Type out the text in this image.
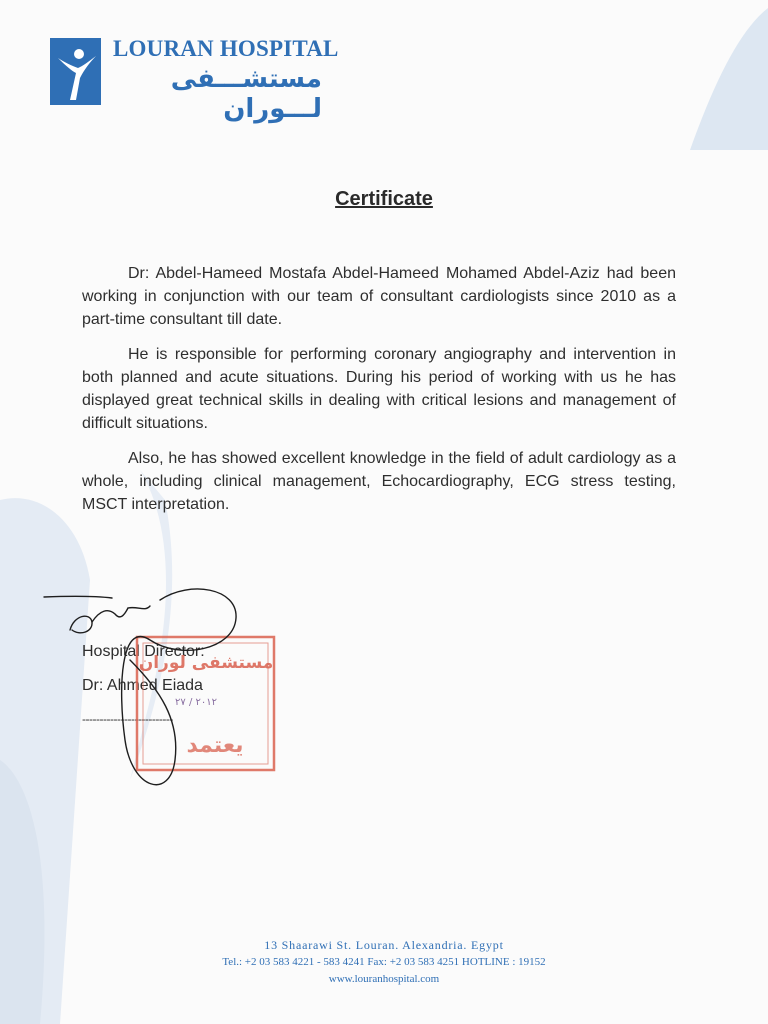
LOURAN HOSPITAL
مستشـــفى لـــوران
Certificate

Dr: Abdel-Hameed Mostafa Abdel-Hameed Mohamed Abdel-Aziz had been working in conjunction with our team of consultant cardiologists since 2010 as a part-time consultant till date.

He is responsible for performing coronary angiography and intervention in both planned and acute situations. During his period of working with us he has displayed great technical skills in dealing with critical lesions and management of difficult situations.

Also, he has showed excellent knowledge in the field of adult cardiology as a whole, including clinical management, Echocardiography, ECG stress testing, MSCT interpretation.

Hospital Director:
Dr: Ahmed Eiada
--------------------------
مستشفى لوران
٢٠١٢ / ٢٧
يعتمد
13 Shaarawi St. Louran. Alexandria. Egypt
Tel.: +2 03 583 4221 - 583 4241 Fax: +2 03 583 4251 HOTLINE : 19152
www.louranhospital.com
